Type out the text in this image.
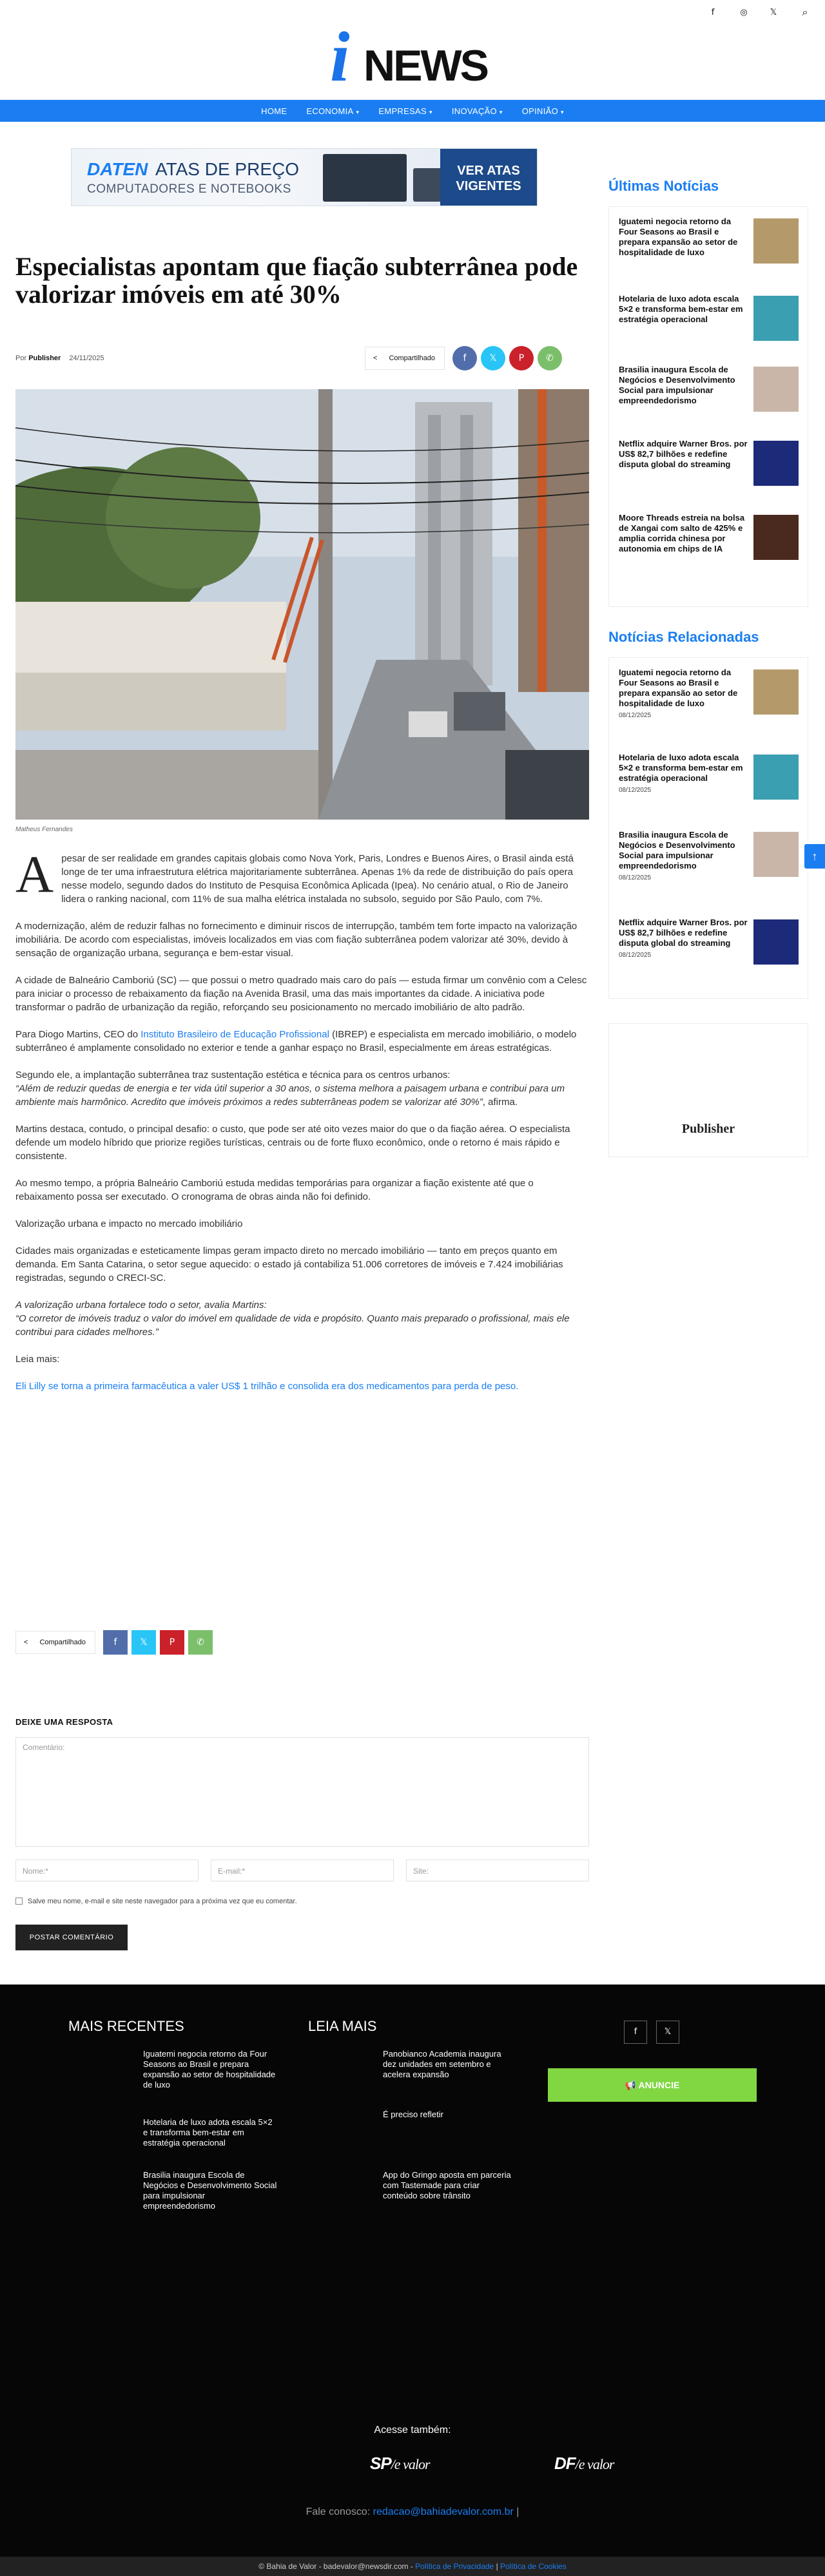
f	◎	𝕏 ⌕
i NEWS
HOME ECONOMIA ▾ EMPRESAS ▾ INOVAÇÃO ▾ OPINIÃO ▾
DATEN ATAS DE PREÇO
COMPUTADORES E NOTEBOOKS
VER ATAS VIGENTES
Especialistas apontam que fiação subterrânea pode valorizar imóveis em até 30%
Por Publisher 24/11/2025	< Compartilhado	f	𝕏	P	✆
Matheus Fernandes

Apesar de ser realidade em grandes capitais globais como Nova York, Paris, Londres e Buenos Aires, o Brasil ainda está longe de ter uma infraestrutura elétrica majoritariamente subterrânea. Apenas 1% da rede de distribuição do país opera nesse modelo, segundo dados do Instituto de Pesquisa Econômica Aplicada (Ipea). No cenário atual, o Rio de Janeiro lidera o ranking nacional, com 11% de sua malha elétrica instalada no subsolo, seguido por São Paulo, com 7%.

A modernização, além de reduzir falhas no fornecimento e diminuir riscos de interrupção, também tem forte impacto na valorização imobiliária. De acordo com especialistas, imóveis localizados em vias com fiação subterrânea podem valorizar até 30%, devido à sensação de organização urbana, segurança e bem-estar visual.

A cidade de Balneário Camboriú (SC) — que possui o metro quadrado mais caro do país — estuda firmar um convênio com a Celesc para iniciar o processo de rebaixamento da fiação na Avenida Brasil, uma das mais importantes da cidade. A iniciativa pode transformar o padrão de urbanização da região, reforçando seu posicionamento no mercado imobiliário de alto padrão.

Para Diogo Martins, CEO do Instituto Brasileiro de Educação Profissional (IBREP) e especialista em mercado imobiliário, o modelo subterrâneo é amplamente consolidado no exterior e tende a ganhar espaço no Brasil, especialmente em áreas estratégicas.

Segundo ele, a implantação subterrânea traz sustentação estética e técnica para os centros urbanos:
“Além de reduzir quedas de energia e ter vida útil superior a 30 anos, o sistema melhora a paisagem urbana e contribui para um ambiente mais harmônico. Acredito que imóveis próximos a redes subterrâneas podem se valorizar até 30%”, afirma.

Martins destaca, contudo, o principal desafio: o custo, que pode ser até oito vezes maior do que o da fiação aérea. O especialista defende um modelo híbrido que priorize regiões turísticas, centrais ou de forte fluxo econômico, onde o retorno é mais rápido e consistente.

Ao mesmo tempo, a própria Balneário Camboriú estuda medidas temporárias para organizar a fiação existente até que o rebaixamento possa ser executado. O cronograma de obras ainda não foi definido.

Valorização urbana e impacto no mercado imobiliário

Cidades mais organizadas e esteticamente limpas geram impacto direto no mercado imobiliário — tanto em preços quanto em demanda. Em Santa Catarina, o setor segue aquecido: o estado já contabiliza 51.006 corretores de imóveis e 7.424 imobiliárias registradas, segundo o CRECI-SC.

A valorização urbana fortalece todo o setor, avalia Martins:
“O corretor de imóveis traduz o valor do imóvel em qualidade de vida e propósito. Quanto mais preparado o profissional, mais ele contribui para cidades melhores.”

Leia mais:

Eli Lilly se torna a primeira farmacêutica a valer US$ 1 trilhão e consolida era dos medicamentos para perda de peso.

< Compartilhado	f	𝕏	P	✆
DEIXE UMA RESPOSTA
Comentário:
Nome:*	E-mail:*	Site:
Salve meu nome, e-mail e site neste navegador para a próxima vez que eu comentar.
POSTAR COMENTÁRIO
Últimas Notícias
Iguatemi negocia retorno da Four Seasons ao Brasil e prepara expansão ao setor de hospitalidade de luxo
Hotelaria de luxo adota escala 5×2 e transforma bem-estar em estratégia operacional
Brasilia inaugura Escola de Negócios e Desenvolvimento Social para impulsionar empreendedorismo
Netflix adquire Warner Bros. por US$ 82,7 bilhões e redefine disputa global do streaming
Moore Threads estreia na bolsa de Xangai com salto de 425% e amplia corrida chinesa por autonomia em chips de IA
Notícias Relacionadas
Iguatemi negocia retorno da Four Seasons ao Brasil e prepara expansão ao setor de hospitalidade de luxo
08/12/2025
Hotelaria de luxo adota escala 5×2 e transforma bem-estar em estratégia operacional
08/12/2025
Brasilia inaugura Escola de Negócios e Desenvolvimento Social para impulsionar empreendedorismo
08/12/2025
Netflix adquire Warner Bros. por US$ 82,7 bilhões e redefine disputa global do streaming
08/12/2025
Publisher
↑
MAIS RECENTES
Iguatemi negocia retorno da Four Seasons ao Brasil e prepara expansão ao setor de hospitalidade de luxo
Hotelaria de luxo adota escala 5×2 e transforma bem-estar em estratégia operacional
Brasilia inaugura Escola de Negócios e Desenvolvimento Social para impulsionar empreendedorismo
LEIA MAIS
Panobianco Academia inaugura dez unidades em setembro e acelera expansão
É preciso refletir
App do Gringo aposta em parceria com Tastemade para criar conteúdo sobre trânsito
f	𝕏
📢 ANUNCIE
Acesse também:
SP/e valor	DF/e valor
Fale conosco: redacao@bahiadevalor.com.br |
© Bahia de Valor - badevalor@newsdir.com - Política de Privacidade | Política de Cookies
